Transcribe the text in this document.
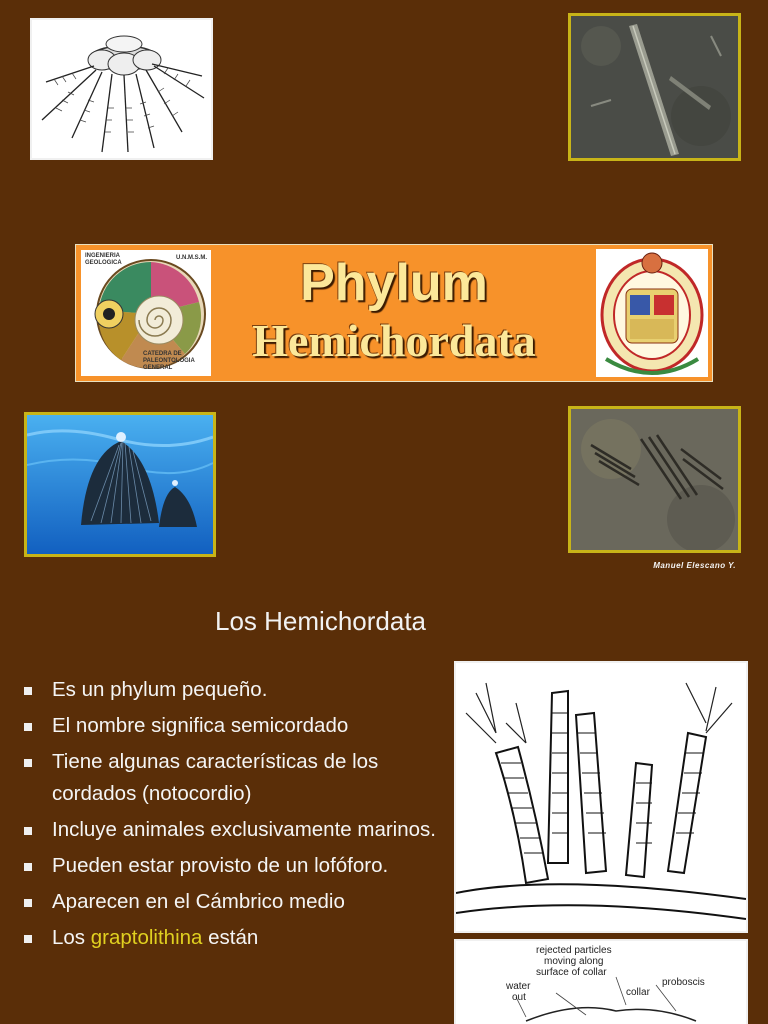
INGENIERIA
GEOLOGICA
U.N.M.S.M.
CATEDRA DE
PALEONTOLOGIA
GENERAL
Phylum
Hemichordata
Manuel Elescano Y.
Los Hemichordata
Es un phylum pequeño.
El nombre significa semicordado
Tiene algunas características de los cordados (notocordio)
Incluye animales exclusivamente marinos.
Pueden estar provisto de un lofóforo.
Aparecen en el Cámbrico medio
Los graptolithina están
rejected particles
moving along
surface of collar
water
out	collar
proboscis
